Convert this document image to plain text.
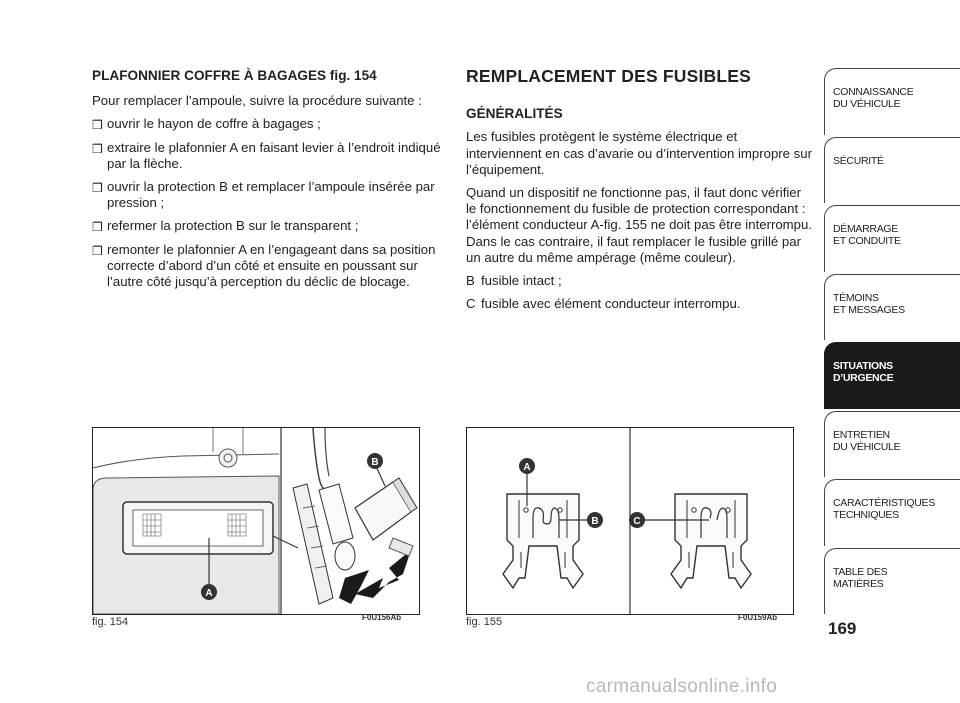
PLAFONNIER COFFRE À BAGAGES fig. 154

Pour remplacer l’ampoule, suivre la procédure suivante :

❒ ouvrir le hayon de coffre à bagages ;
❒ extraire le plafonnier A en faisant levier à l’endroit indiqué par la flèche.
❒ ouvrir la protection B et remplacer l’ampoule insérée par pression ;
❒ refermer la protection B sur le transparent ;
❒ remonter le plafonnier A en l’engageant dans sa position correcte d’abord d’un côté et ensuite en poussant sur l’autre côté jusqu’à perception du déclic de blocage.
REMPLACEMENT DES FUSIBLES
GÉNÉRALITÉS

Les fusibles protègent le système électrique et interviennent en cas d’avarie ou d’intervention impropre sur l’équipement.

Quand un dispositif ne fonctionne pas, il faut donc vérifier le fonctionnement du fusible de protection correspondant : l’élément conducteur A-fig. 155 ne doit pas être interrompu. Dans le cas contraire, il faut remplacer le fusible grillé par un autre du même ampérage (même couleur).

B fusible intact ;
C fusible avec élément conducteur interrompu.
A
B
fig. 154	F0U156Ab
A
B	C
fig. 155	F0U159Ab
CONNAISSANCE
DU VÉHICULE
SÉCURITÉ
DÉMARRAGE
ET CONDUITE
TÉMOINS
ET MESSAGES
SITUATIONS
D’URGENCE
ENTRETIEN
DU VÉHICULE
CARACTÉRISTIQUES
TECHNIQUES
TABLE DES
MATIÈRES
169
carmanualsonline.info
